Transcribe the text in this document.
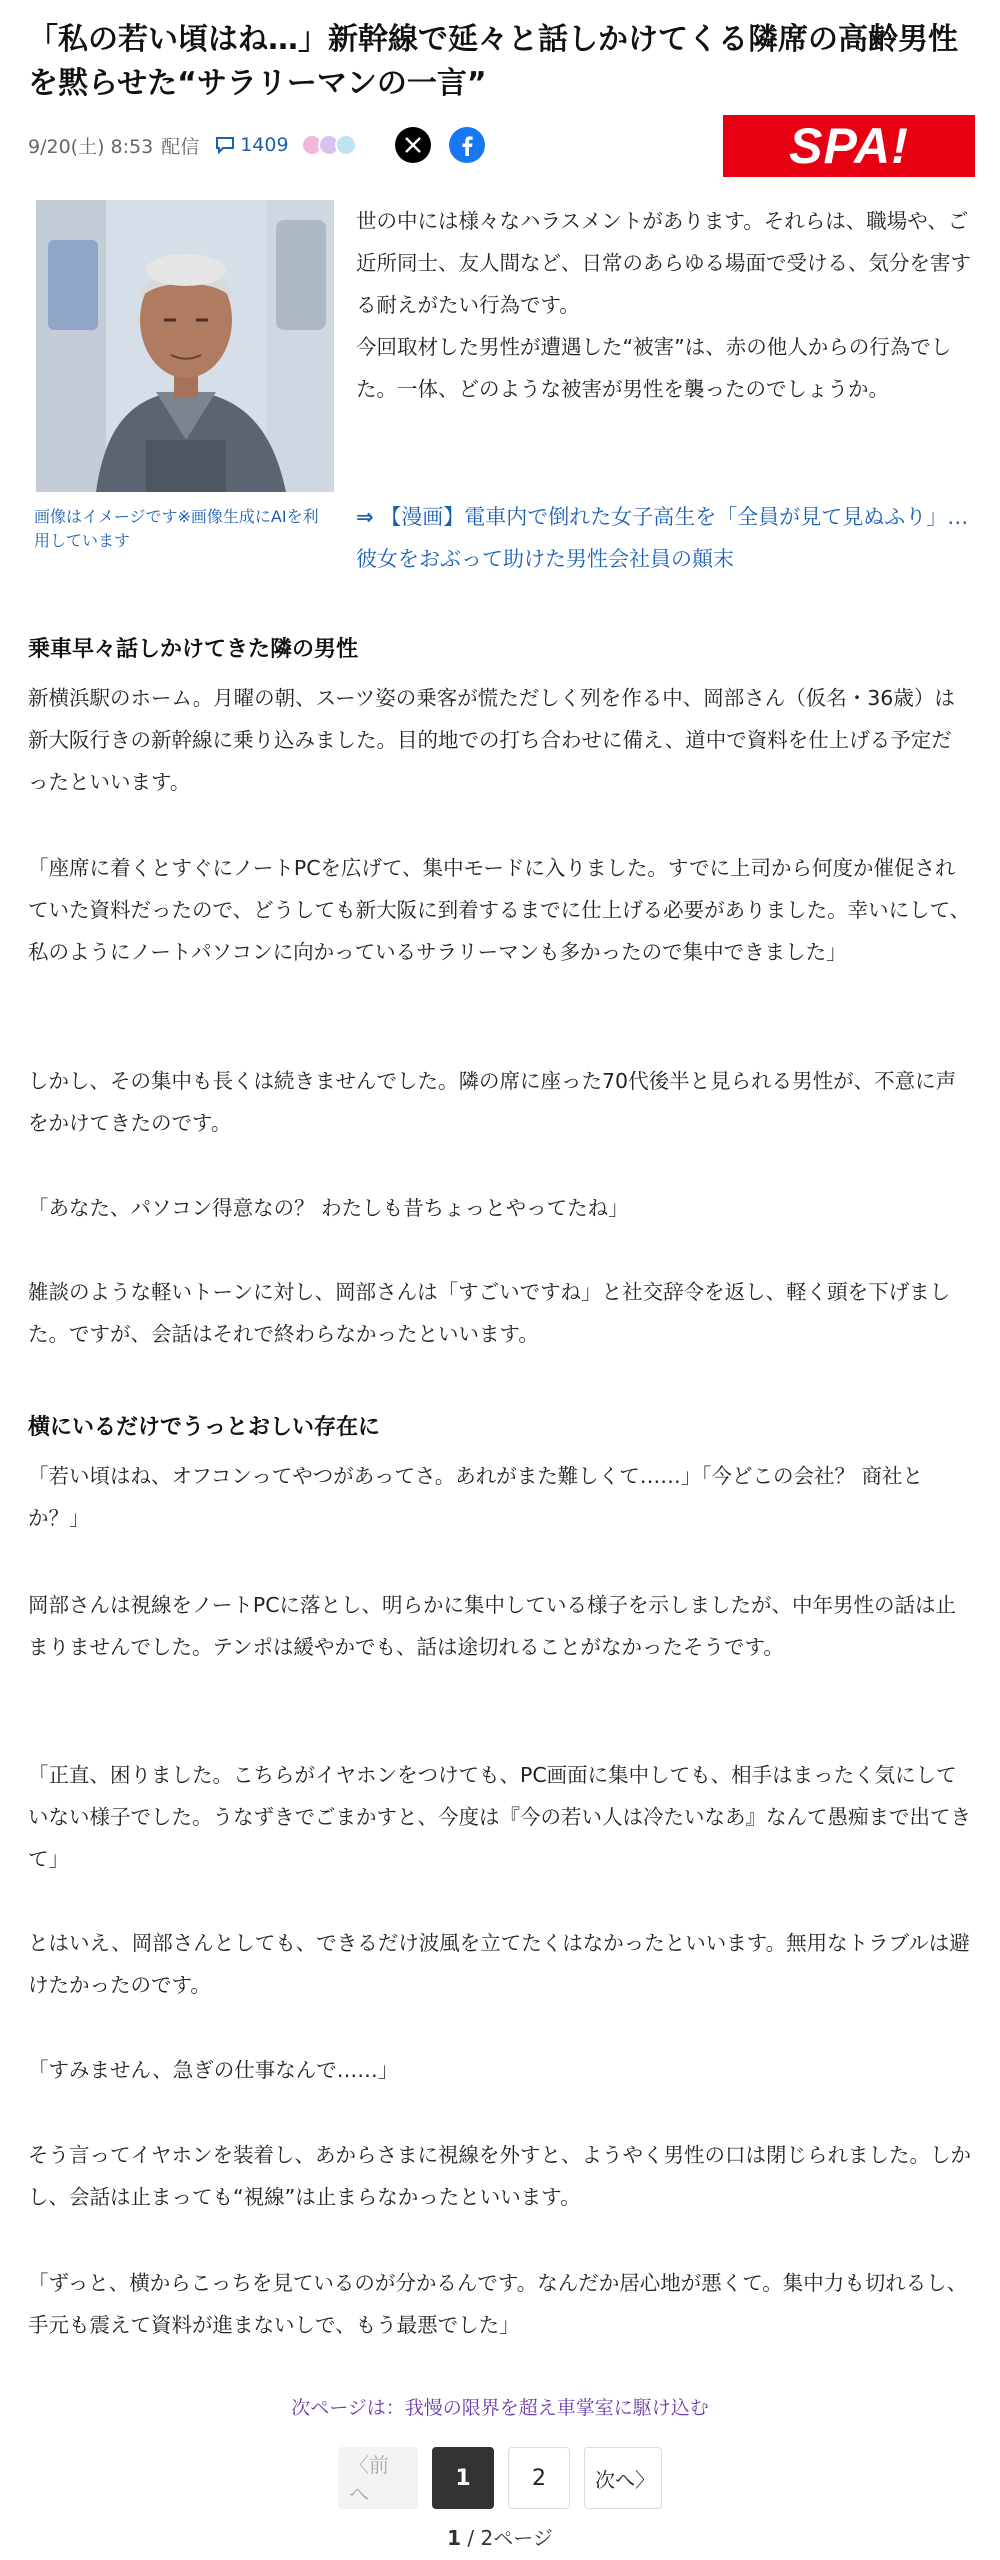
「私の若い頃はね…」新幹線で延々と話しかけてくる隣席の高齢男性を黙らせた“サラリーマンの一言”
9/20(土) 8:53 配信 1409	SPA!

画像はイメージです※画像生成にAIを利用しています

世の中には様々なハラスメントがあります。それらは、職場や、ご近所同士、友人間など、日常のあらゆる場面で受ける、気分を害する耐えがたい行為です。

今回取材した男性が遭遇した“被害”は、赤の他人からの行為でした。一体、どのような被害が男性を襲ったのでしょうか。

⇒ 【漫画】電車内で倒れた女子高生を「全員が見て見ぬふり」…彼女をおぶって助けた男性会社員の顛末
乗車早々話しかけてきた隣の男性

新横浜駅のホーム。月曜の朝、スーツ姿の乗客が慌ただしく列を作る中、岡部さん（仮名・36歳）は新大阪行きの新幹線に乗り込みました。目的地での打ち合わせに備え、道中で資料を仕上げる予定だったといいます。

「座席に着くとすぐにノートPCを広げて、集中モードに入りました。すでに上司から何度か催促されていた資料だったので、どうしても新大阪に到着するまでに仕上げる必要がありました。幸いにして、私のようにノートパソコンに向かっているサラリーマンも多かったので集中できました」

しかし、その集中も長くは続きませんでした。隣の席に座った70代後半と見られる男性が、不意に声をかけてきたのです。

「あなた、パソコン得意なの？ わたしも昔ちょっとやってたね」

雑談のような軽いトーンに対し、岡部さんは「すごいですね」と社交辞令を返し、軽く頭を下げました。ですが、会話はそれで終わらなかったといいます。

横にいるだけでうっとおしい存在に

「若い頃はね、オフコンってやつがあってさ。あれがまた難しくて……」「今どこの会社？ 商社とか？」

岡部さんは視線をノートPCに落とし、明らかに集中している様子を示しましたが、中年男性の話は止まりませんでした。テンポは緩やかでも、話は途切れることがなかったそうです。

「正直、困りました。こちらがイヤホンをつけても、PC画面に集中しても、相手はまったく気にしていない様子でした。うなずきでごまかすと、今度は『今の若い人は冷たいなあ』なんて愚痴まで出てきて」

とはいえ、岡部さんとしても、できるだけ波風を立てたくはなかったといいます。無用なトラブルは避けたかったのです。

「すみません、急ぎの仕事なんで……」

そう言ってイヤホンを装着し、あからさまに視線を外すと、ようやく男性の口は閉じられました。しかし、会話は止まっても“視線”は止まらなかったといいます。

「ずっと、横からこっちを見ているのが分かるんです。なんだか居心地が悪くて。集中力も切れるし、手元も震えて資料が進まないしで、もう最悪でした」

次ページは：我慢の限界を超え車掌室に駆け込む
〈前へ
1	2	次へ〉
1 / 2ページ
